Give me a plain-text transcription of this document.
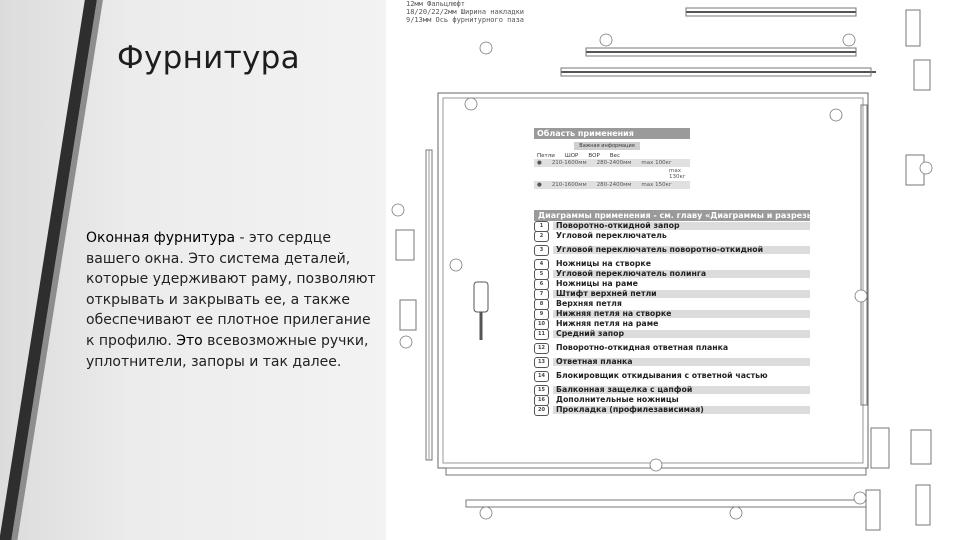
Фурнитура
Оконная фурнитура - это сердце вашего окна. Это система деталей, которые удерживают раму, позволяют открывать и закрывать ее, а также обеспечивают ее плотное прилегание к профилю. Это всевозможные ручки, уплотнители, запоры и так далее.
12мм Фальцлюфт
18/20/22/2мм Ширина накладки
9/13мм Ось фурнитурного паза
Область применения
Важная информация
Петли ШОР ВОР Вес
● 210-1600мм 280-2400мм max 100кг
max 130кг
● 210-1600мм 280-2400мм max 150кг
Диаграммы применения - см. главу «Диаграммы и разрезы»
1	Поворотно-откидной запор
2	Угловой переключатель
3	Угловой переключатель поворотно-откидной
4	Ножницы на створке
5	Угловой переключатель полинга
6	Ножницы на раме
7	Штифт верхней петли
8	Верхняя петля
9	Нижняя петля на створке
10	Нижняя петля на раме
11	Средний запор
12	Поворотно-откидная ответная планка
13	Ответная планка
14	Блокировщик откидывания с ответной частью
15	Балконная защелка с цапфой
16	Дополнительные ножницы
20	Прокладка (профилезависимая)
